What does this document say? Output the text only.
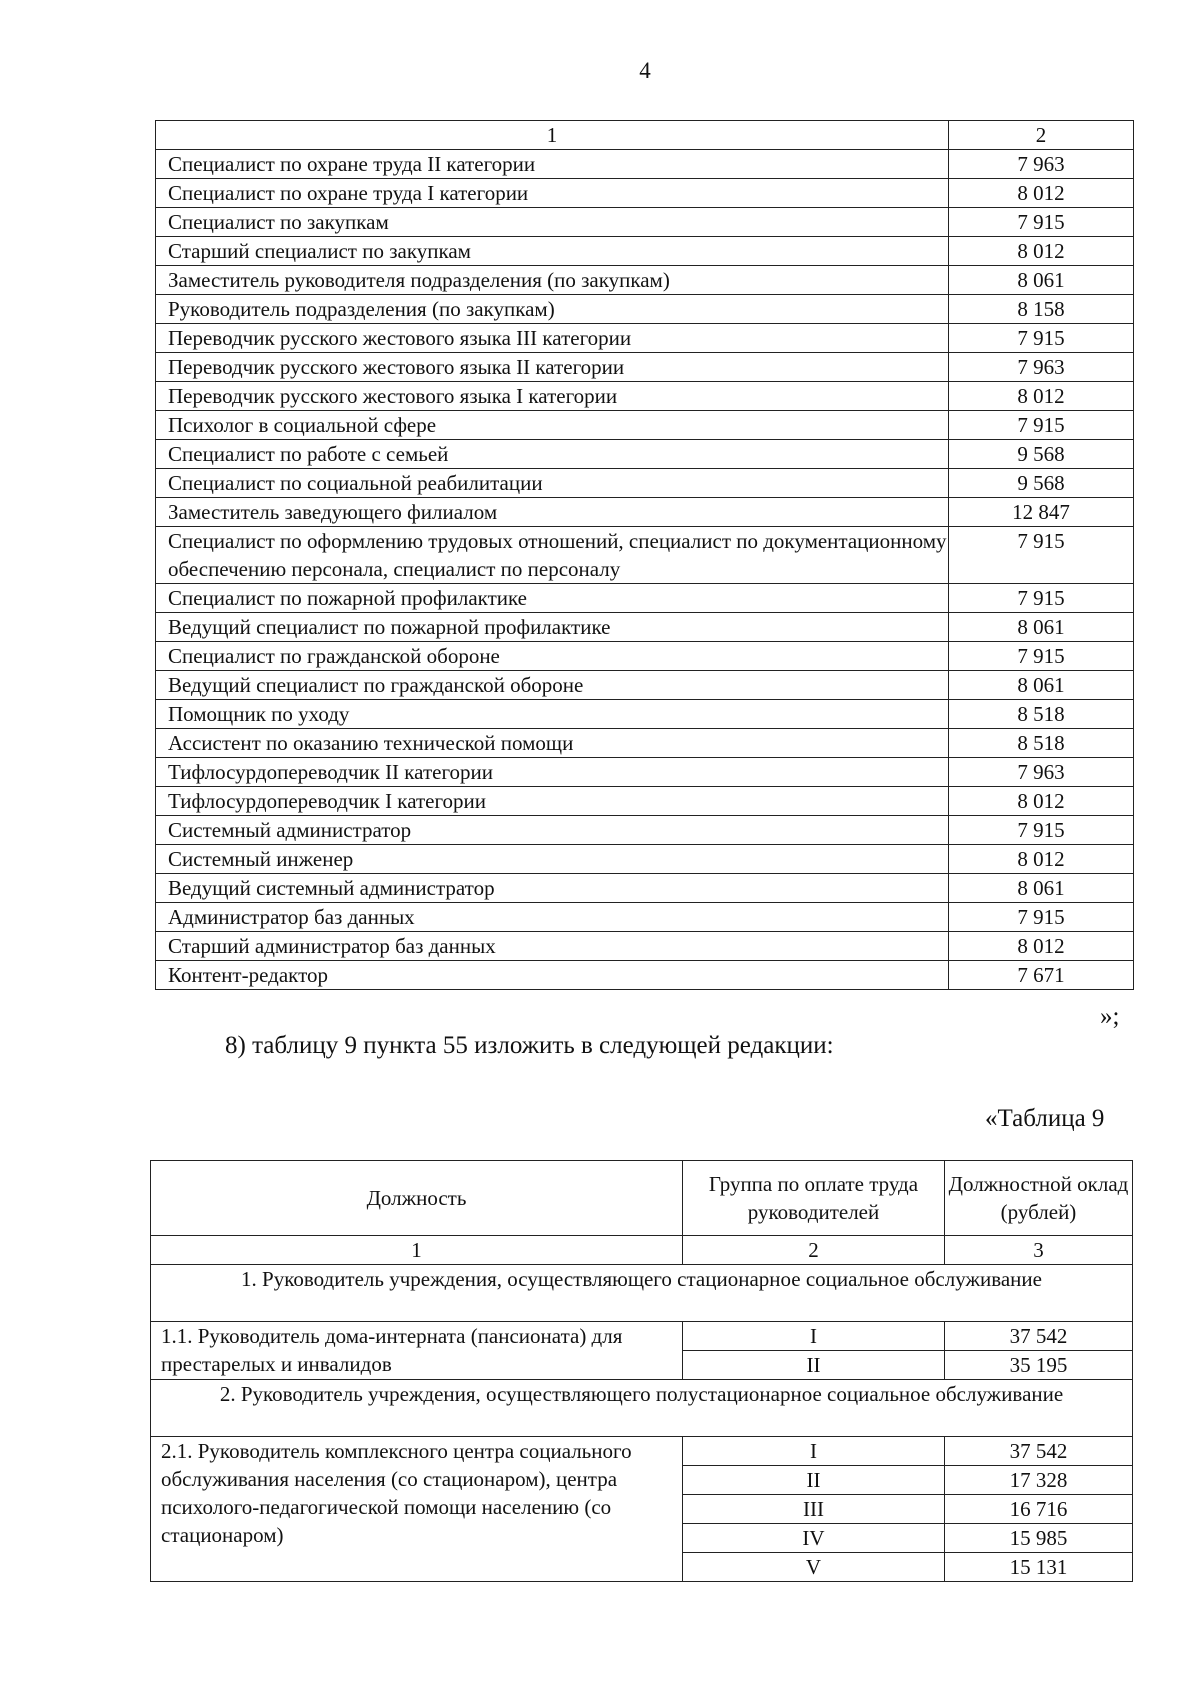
4
1	2
Специалист по охране труда II категории	7 963
Специалист по охране труда I категории	8 012
Специалист по закупкам	7 915
Старший специалист по закупкам	8 012
Заместитель руководителя подразделения (по закупкам)	8 061
Руководитель подразделения (по закупкам)	8 158
Переводчик русского жестового языка III категории	7 915
Переводчик русского жестового языка II категории	7 963
Переводчик русского жестового языка I категории	8 012
Психолог в социальной сфере	7 915
Специалист по работе с семьей	9 568
Специалист по социальной реабилитации	9 568
Заместитель заведующего филиалом	12 847
Специалист по оформлению трудовых отношений, специалист по документационному обеспечению персонала, специалист по персоналу	7 915
Специалист по пожарной профилактике	7 915
Ведущий специалист по пожарной профилактике	8 061
Специалист по гражданской обороне	7 915
Ведущий специалист по гражданской обороне	8 061
Помощник по уходу	8 518
Ассистент по оказанию технической помощи	8 518
Тифлосурдопереводчик II категории	7 963
Тифлосурдопереводчик I категории	8 012
Системный администратор	7 915
Системный инженер	8 012
Ведущий системный администратор	8 061
Администратор баз данных	7 915
Старший администратор баз данных	8 012
Контент-редактор	7 671
»;
8) таблицу 9 пункта 55 изложить в следующей редакции:
«Таблица 9
Должность	Группа по оплате труда руководителей	Должностной оклад (рублей)
1	2	3
1. Руководитель учреждения, осуществляющего стационарное социальное обслуживание		
1.1. Руководитель дома-интерната (пансионата) для престарелых и инвалидов	I	37 542
	II	35 195
2. Руководитель учреждения, осуществляющего полустационарное социальное обслуживание		
2.1. Руководитель комплексного центра социального обслуживания населения (со стационаром), центра психолого-педагогической помощи населению (со стационаром)	I	37 542
	II	17 328
	III	16 716
	IV	15 985
	V	15 131
